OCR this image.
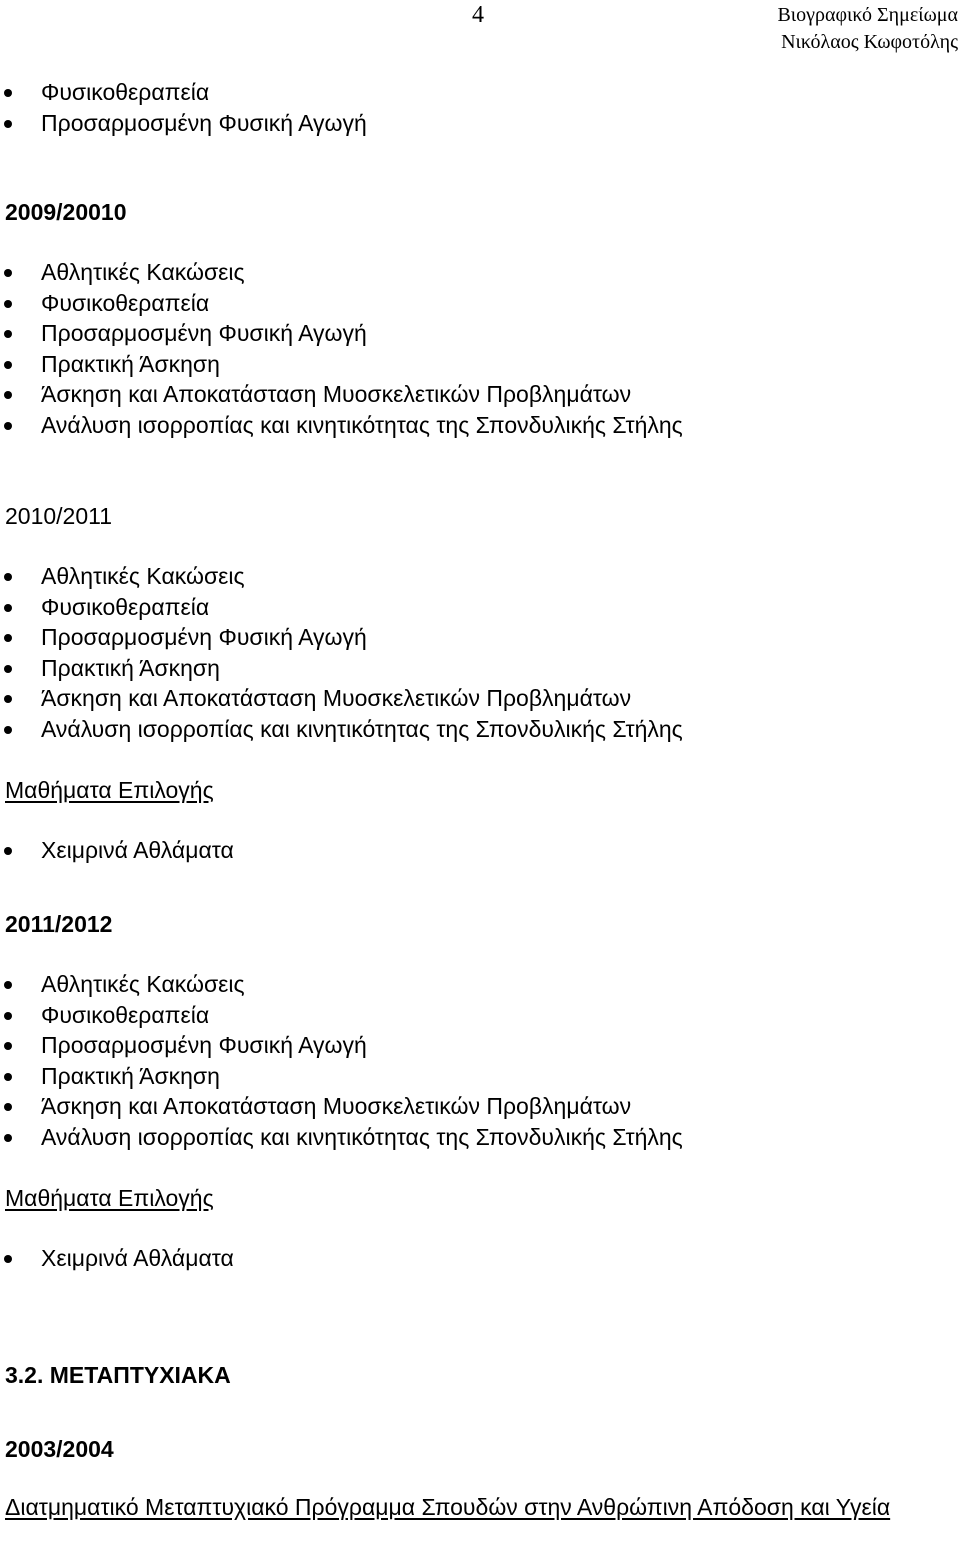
4	Βιογραφικό Σημείωμα
Νικόλαος Κωφοτόλης
Φυσικοθεραπεία
Προσαρμοσμένη Φυσική Αγωγή
2009/20010
Αθλητικές Κακώσεις
Φυσικοθεραπεία
Προσαρμοσμένη Φυσική Αγωγή
Πρακτική Άσκηση
Άσκηση και Αποκατάσταση Μυοσκελετικών Προβλημάτων
Ανάλυση ισορροπίας και κινητικότητας της Σπονδυλικής Στήλης
2010/2011
Αθλητικές Κακώσεις
Φυσικοθεραπεία
Προσαρμοσμένη Φυσική Αγωγή
Πρακτική Άσκηση
Άσκηση και Αποκατάσταση Μυοσκελετικών Προβλημάτων
Ανάλυση ισορροπίας και κινητικότητας της Σπονδυλικής Στήλης
Μαθήματα Επιλογής
Χειμρινά Αθλάματα
2011/2012
Αθλητικές Κακώσεις
Φυσικοθεραπεία
Προσαρμοσμένη Φυσική Αγωγή
Πρακτική Άσκηση
Άσκηση και Αποκατάσταση Μυοσκελετικών Προβλημάτων
Ανάλυση ισορροπίας και κινητικότητας της Σπονδυλικής Στήλης
Μαθήματα Επιλογής
Χειμρινά Αθλάματα
3.2. ΜΕΤΑΠΤΥΧΙΑΚΑ
2003/2004
Διατμηματικό Μεταπτυχιακό Πρόγραμμα Σπουδών στην Ανθρώπινη Απόδοση και Υγεία
